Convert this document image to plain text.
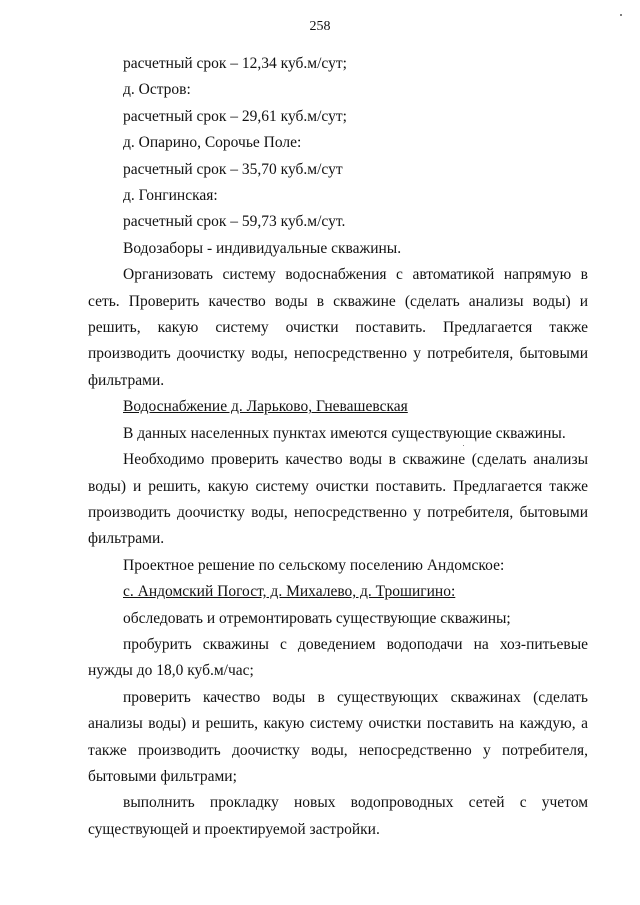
258

расчетный срок – 12,34 куб.м/сут;

д. Остров:

расчетный срок – 29,61 куб.м/сут;

д. Опарино, Сорочье Поле:

расчетный срок – 35,70 куб.м/сут

д. Гонгинская:

расчетный срок – 59,73 куб.м/сут.

Водозаборы - индивидуальные скважины.

Организовать систему водоснабжения с автоматикой напрямую в сеть. Проверить качество воды в скважине (сделать анализы воды) и решить, какую систему очистки поставить. Предлагается также производить доочистку воды, непосредственно у потребителя, бытовыми фильтрами.

Водоснабжение д. Ларьково, Гневашевская

В данных населенных пунктах имеются существующие скважины.

Необходимо проверить качество воды в скважине (сделать анализы воды) и решить, какую систему очистки поставить. Предлагается также производить доочистку воды, непосредственно у потребителя, бытовыми фильтрами.

Проектное решение по сельскому поселению Андомское:

с. Андомский Погост, д. Михалево, д. Трошигино:

обследовать и отремонтировать существующие скважины;

пробурить скважины с доведением водоподачи на хоз-питьевые нужды до 18,0 куб.м/час;

проверить качество воды в существующих скважинах (сделать анализы воды) и решить, какую систему очистки поставить на каждую, а также производить доочистку воды, непосредственно у потребителя, бытовыми фильтрами;

выполнить прокладку новых водопроводных сетей с учетом существующей и проектируемой застройки.
